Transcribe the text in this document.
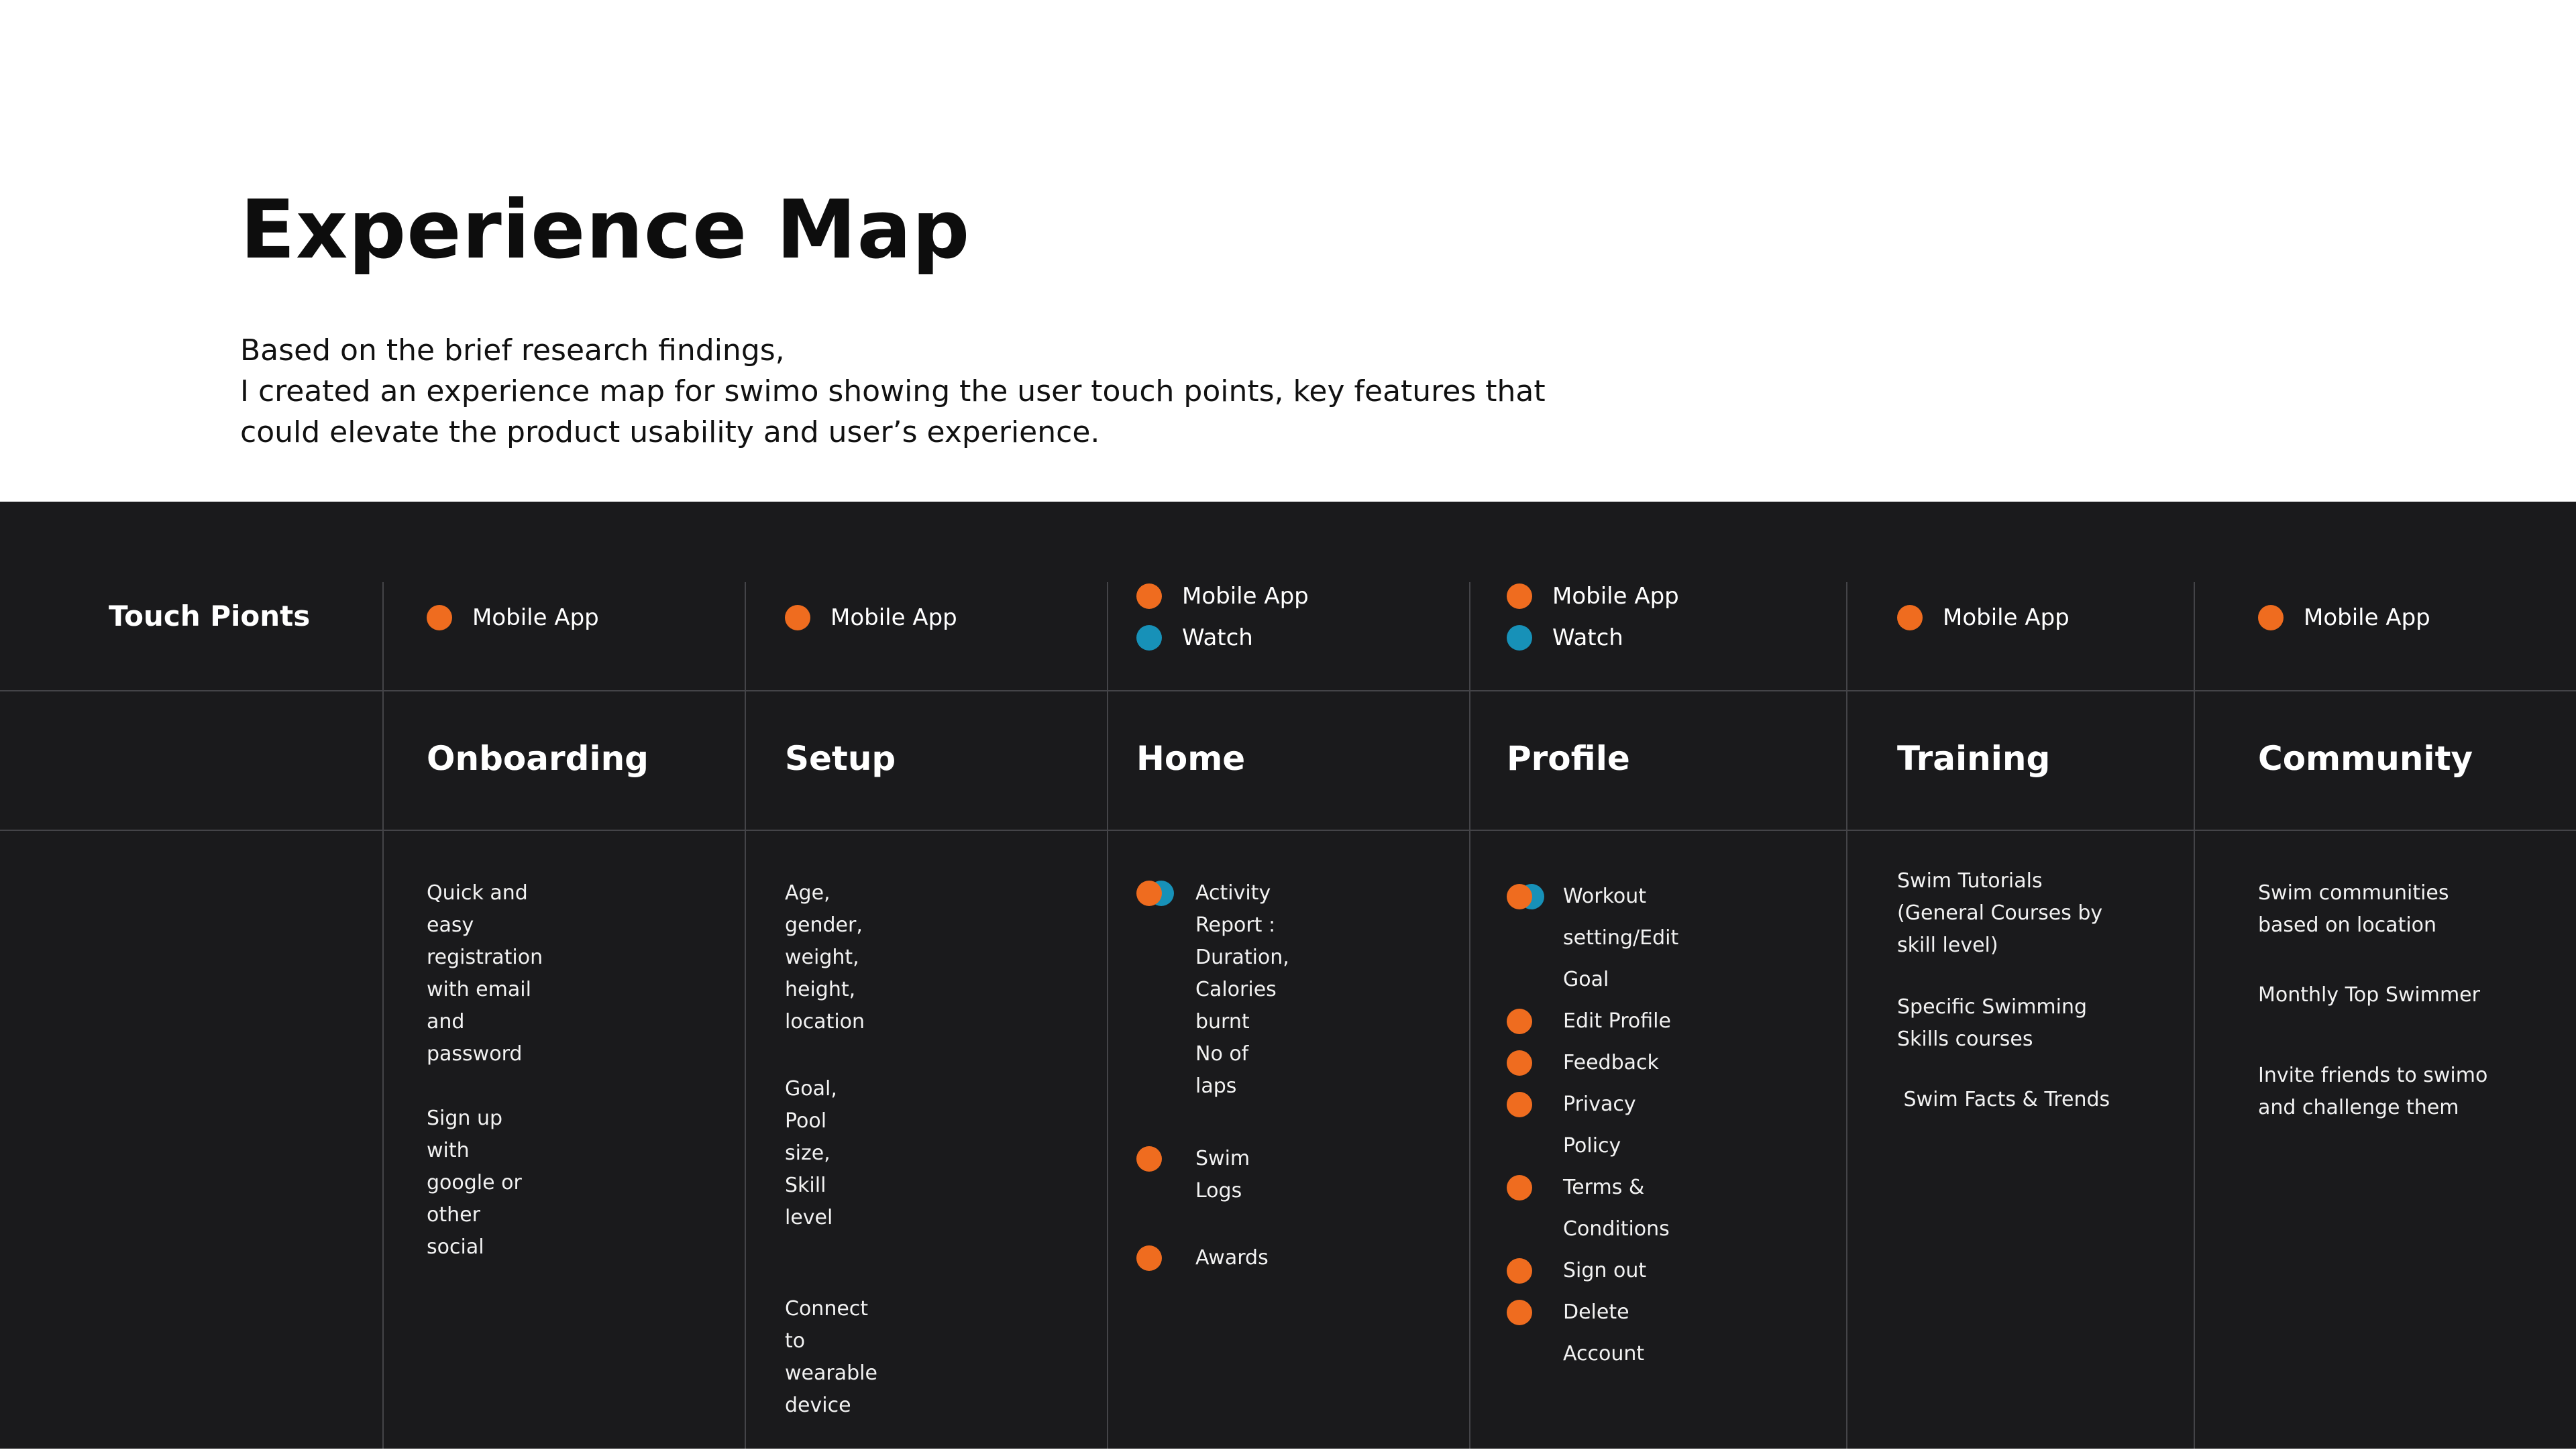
Experience Map

Based on the brief research findings,

I created an experience map for swimo showing the user touch points, key features that

could elevate the product usability and user’s experience.

Touch Pionts	Mobile App
Onboarding

Quick and easy registration
with email and password

Sign up with google or
other social

Mobile App
Setup

Age, gender, weight,
height, location

Goal, Pool size, Skill level

Connect to wearable device

Mobile App
Watch
Home
Activity Report :
Duration, Calories burnt
No of laps
Swim Logs
Awards
Mobile App
Watch
Profile
Workout setting/Edit Goal
Edit Profile
Feedback
Privacy Policy
Terms & Conditions
Sign out
Delete Account
Mobile App
Training

Swim Tutorials
(General Courses by
skill level)

Specific Swimming
Skills courses

Swim Facts & Trends

Mobile App
Community

Swim communities
based on location

Monthly Top Swimmer

Invite friends to swimo
and challenge them
